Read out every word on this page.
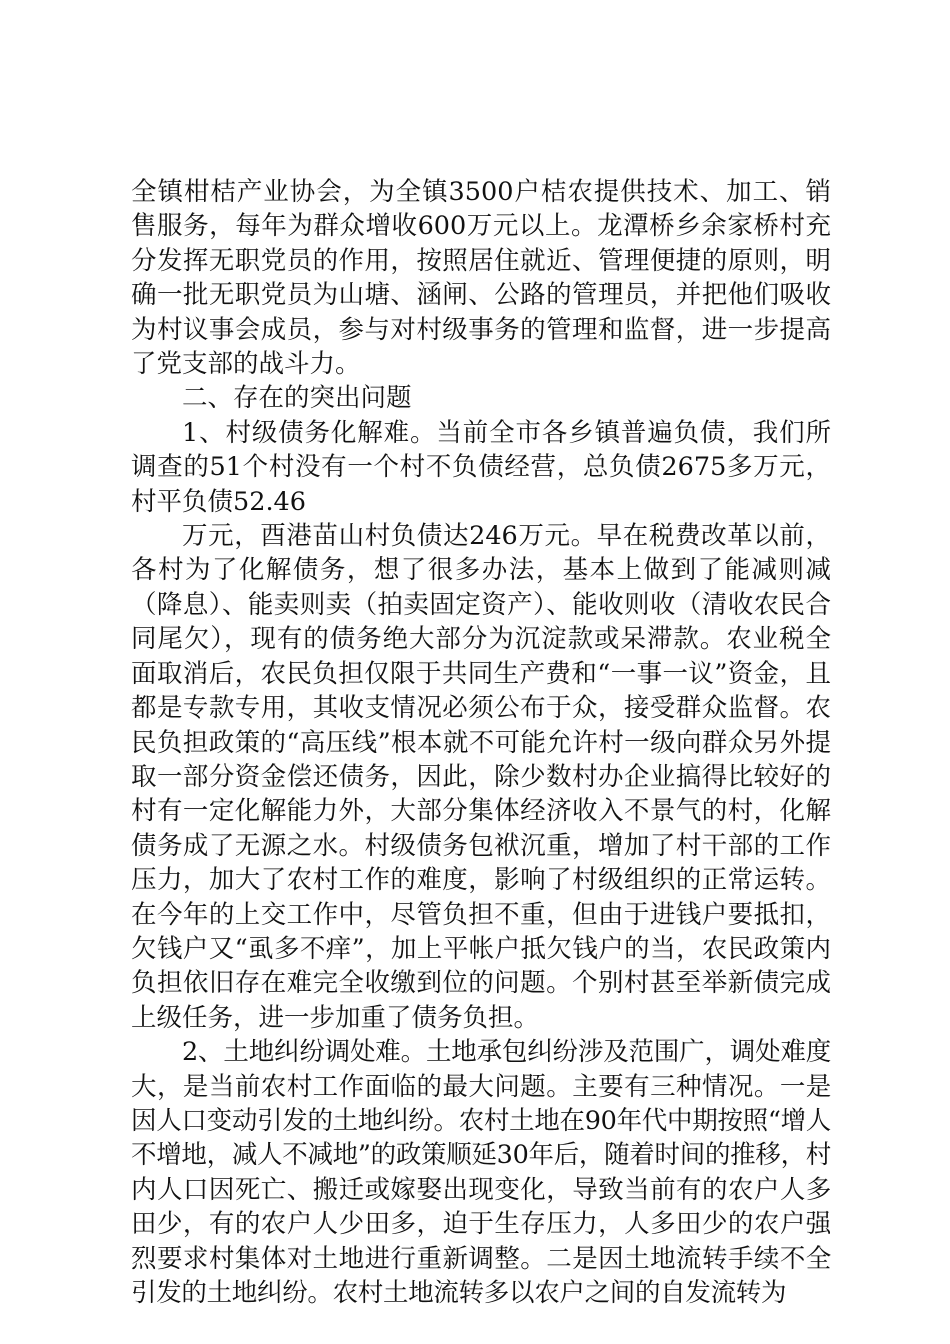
全镇柑桔产业协会，为全镇3500户桔农提供技术、加工、销售服务，每年为群众增收600万元以上。龙潭桥乡余家桥村充分发挥无职党员的作用，按照居住就近、管理便捷的原则，明确一批无职党员为山塘、涵闸、公路的管理员，并把他们吸收为村议事会成员，参与对村级事务的管理和监督，进一步提高了党支部的战斗力。

二、存在的突出问题

1、村级债务化解难。当前全市各乡镇普遍负债，我们所调查的51个村没有一个村不负债经营，总负债2675多万元，村平负债52.46

万元，酉港苗山村负债达246万元。早在税费改革以前，各村为了化解债务，想了很多办法，基本上做到了能减则减（降息）、能卖则卖（拍卖固定资产）、能收则收（清收农民合同尾欠），现有的债务绝大部分为沉淀款或呆滞款。农业税全面取消后，农民负担仅限于共同生产费和“一事一议”资金，且都是专款专用，其收支情况必须公布于众，接受群众监督。农民负担政策的“高压线”根本就不可能允许村一级向群众另外提取一部分资金偿还债务，因此，除少数村办企业搞得比较好的村有一定化解能力外，大部分集体经济收入不景气的村，化解债务成了无源之水。村级债务包袱沉重，增加了村干部的工作压力，加大了农村工作的难度，影响了村级组织的正常运转。在今年的上交工作中，尽管负担不重，但由于进钱户要抵扣，欠钱户又“虱多不痒”，加上平帐户抵欠钱户的当，农民政策内负担依旧存在难完全收缴到位的问题。个别村甚至举新债完成上级任务，进一步加重了债务负担。

2、土地纠纷调处难。土地承包纠纷涉及范围广，调处难度大，是当前农村工作面临的最大问题。主要有三种情况。一是因人口变动引发的土地纠纷。农村土地在90年代中期按照“增人不增地，减人不减地”的政策顺延30年后，随着时间的推移，村内人口因死亡、搬迁或嫁娶出现变化，导致当前有的农户人多田少，有的农户人少田多，迫于生存压力，人多田少的农户强烈要求村集体对土地进行重新调整。二是因土地流转手续不全引发的土地纠纷。农村土地流转多以农户之间的自发流转为
